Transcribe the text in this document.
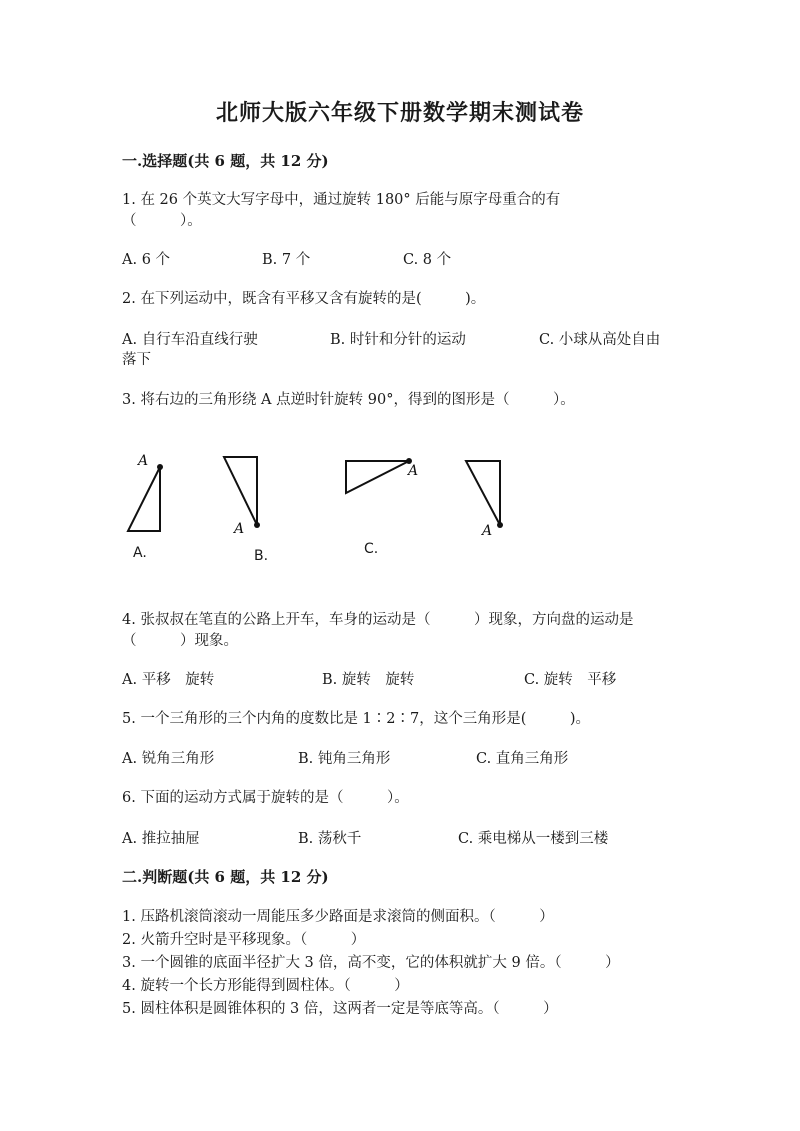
北师大版六年级下册数学期末测试卷
一.选择题(共 6 题，共 12 分)
1. 在 26 个英文大写字母中，通过旋转 180° 后能与原字母重合的有
（　　　）。
A. 6 个	B. 7 个	C. 8 个
2. 在下列运动中，既含有平移又含有旋转的是(　　　)。
A. 自行车沿直线行驶	B. 时针和分针的运动	C. 小球从高处自由
落下
3. 将右边的三角形绕 A 点逆时针旋转 90°，得到的图形是（　　　）。
A
A
A
A
A.	B.	C.
4. 张叔叔在笔直的公路上开车，车身的运动是（　　　）现象，方向盘的运动是
（　　　）现象。
A. 平移　旋转	B. 旋转　旋转	C. 旋转　平移
5. 一个三角形的三个内角的度数比是 1∶2∶7，这个三角形是(　　　)。
A. 锐角三角形	B. 钝角三角形	C. 直角三角形
6. 下面的运动方式属于旋转的是（　　　）。
A. 推拉抽屉	B. 荡秋千	C. 乘电梯从一楼到三楼
二.判断题(共 6 题，共 12 分)
1. 压路机滚筒滚动一周能压多少路面是求滚筒的侧面积。（　　　）
2. 火箭升空时是平移现象。（　　　）
3. 一个圆锥的底面半径扩大 3 倍，高不变，它的体积就扩大 9 倍。（　　　）
4. 旋转一个长方形能得到圆柱体。（　　　）
5. 圆柱体积是圆锥体积的 3 倍，这两者一定是等底等高。（　　　）
